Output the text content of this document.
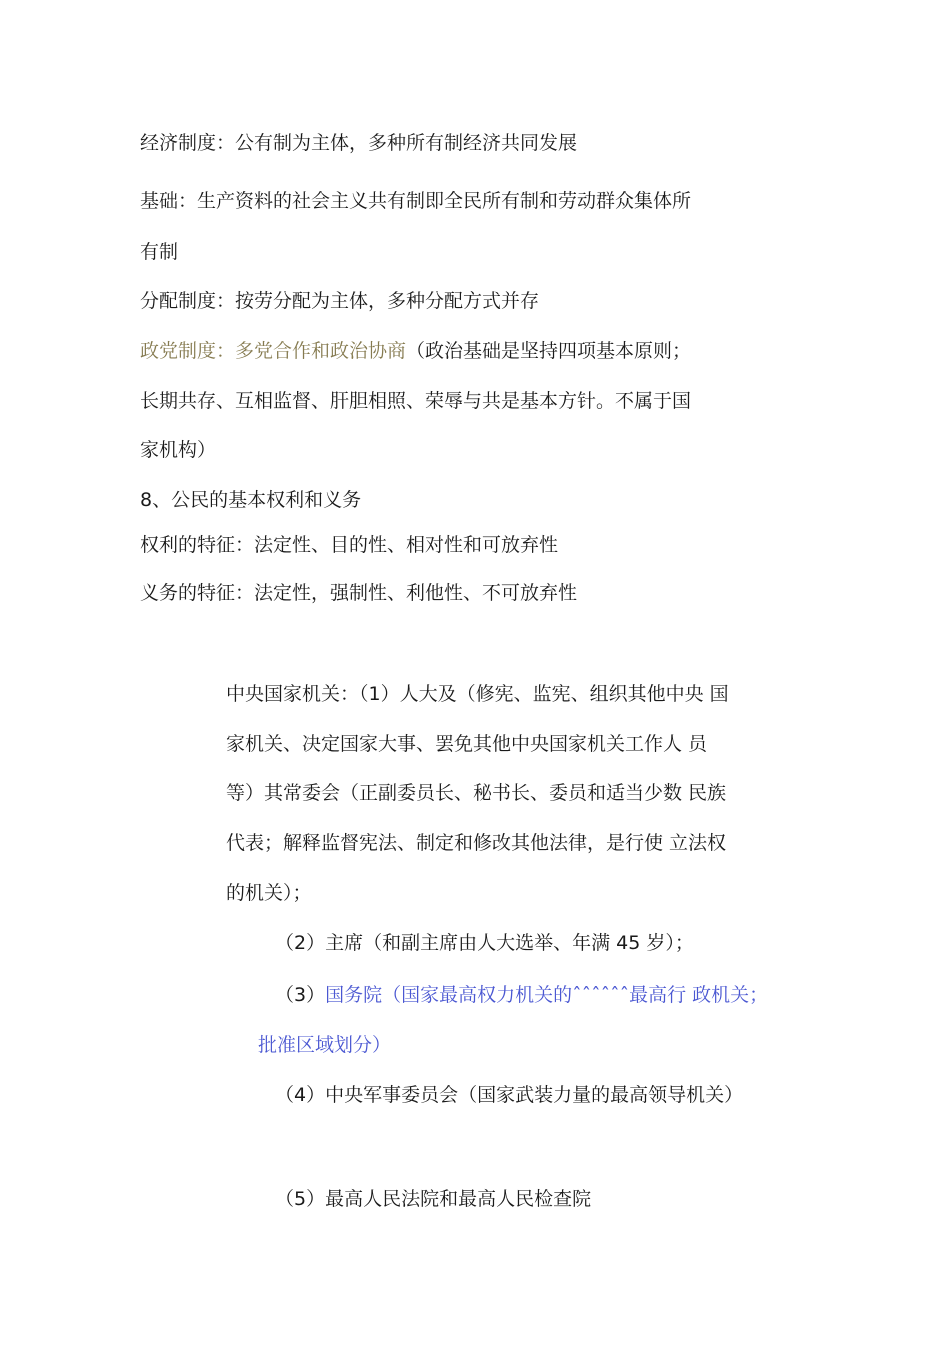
经济制度：公有制为主体，多种所有制经济共同发展
基础：生产资料的社会主义共有制即全民所有制和劳动群众集体所
有制
分配制度：按劳分配为主体，多种分配方式并存
政党制度：多党合作和政治协商（政治基础是坚持四项基本原则；
长期共存、互相监督、肝胆相照、荣辱与共是基本方针。不属于国
家机构）
8、公民的基本权利和义务
权利的特征：法定性、目的性、相对性和可放弃性
义务的特征：法定性，强制性、利他性、不可放弃性
中央国家机关：（1）人大及（修宪、监宪、组织其他中央 国
家机关、决定国家大事、罢免其他中央国家机关工作人 员
等）其常委会（正副委员长、秘书长、委员和适当少数 民族
代表；解释监督宪法、制定和修改其他法律，是行使 立法权
的机关）；
（2）主席（和副主席由人大选举、年满 45 岁）；
（3）国务院（国家最高权力机关的ˆˆˆˆˆˆ最高行 政机关；
批准区域划分）
（4）中央军事委员会（国家武装力量的最高领导机关）
（5）最高人民法院和最高人民检查院
